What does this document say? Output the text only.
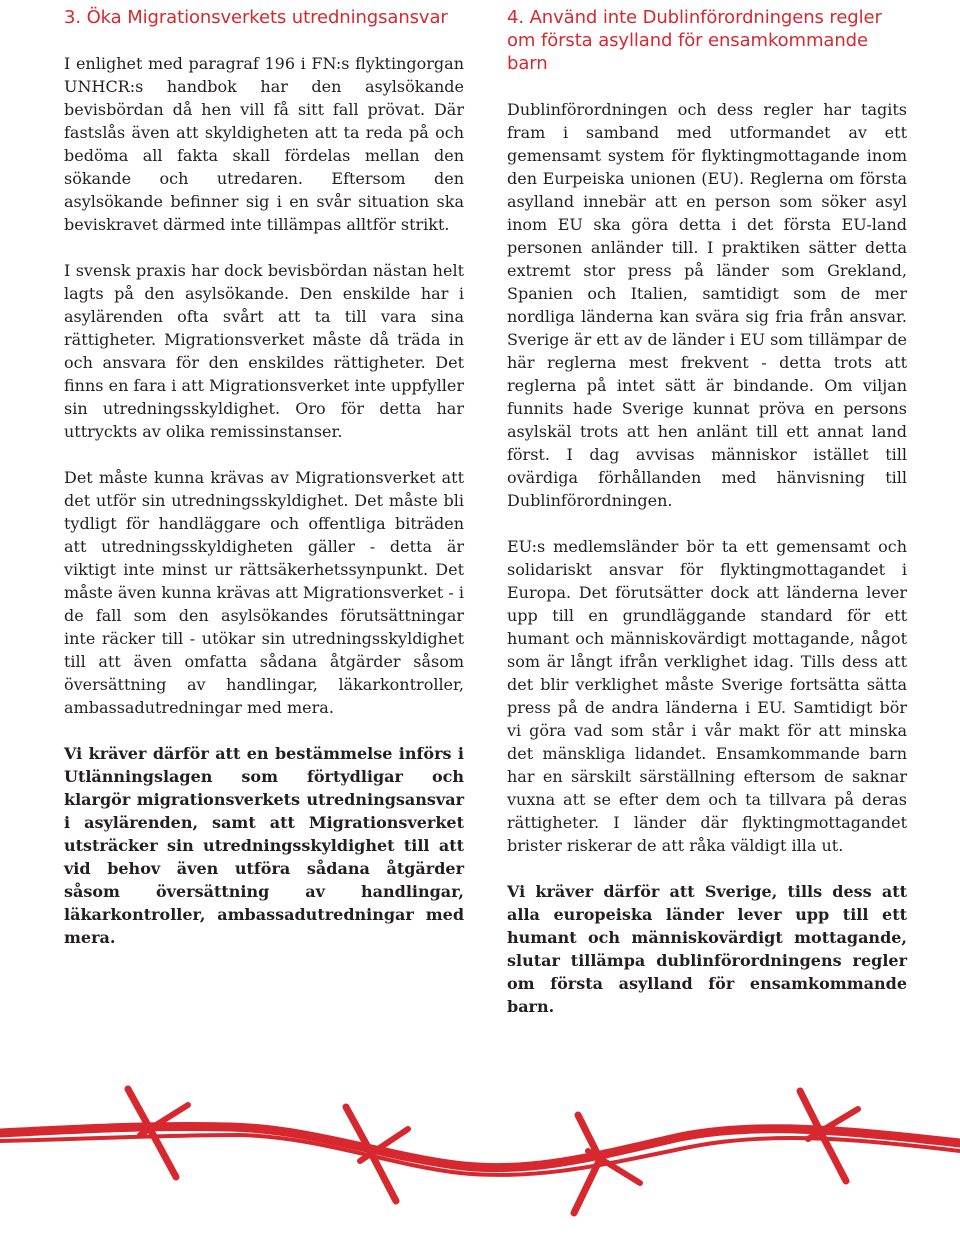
3. Öka Migrationsverkets utredningsansvar

I enlighet med paragraf 196 i FN:s flyktingorgan UNHCR:s handbok har den asylsökande bevisbördan då hen vill få sitt fall prövat. Där fastslås även att skyldigheten att ta reda på och bedöma all fakta skall fördelas mellan den sökande och utredaren. Eftersom den asylsökande befinner sig i en svår situation ska beviskravet därmed inte tillämpas alltför strikt.

I svensk praxis har dock bevisbördan nästan helt lagts på den asylsökande. Den enskilde har i asylärenden ofta svårt att ta till vara sina rättigheter. Migrationsverket måste då träda in och ansvara för den enskildes rättigheter. Det finns en fara i att Migrationsverket inte uppfyller sin utredningsskyldighet. Oro för detta har uttryckts av olika remissinstanser.

Det måste kunna krävas av Migrationsverket att det utför sin utredningsskyldighet. Det måste bli tydligt för handläggare och offentliga biträden att utredningsskyldigheten gäller - detta är viktigt inte minst ur rättsäkerhetssynpunkt. Det måste även kunna krävas att Migrationsverket - i de fall som den asylsökandes förutsättningar inte räcker till - utökar sin utredningsskyldighet till att även omfatta sådana åtgärder såsom översättning av handlingar, läkarkontroller, ambassadutredningar med mera.

Vi kräver därför att en bestämmelse införs i Utlänningslagen som förtydligar och klargör migrationsverkets utredningsansvar i asylärenden, samt att Migrationsverket utsträcker sin utredningsskyldighet till att vid behov även utföra sådana åtgärder såsom översättning av handlingar, läkarkontroller, ambassadutredningar med mera.

4. Använd inte Dublinförordningens regler om första asylland för ensamkommande barn

Dublinförordningen och dess regler har tagits fram i samband med utformandet av ett gemensamt system för flyktingmottagande inom den Eurpeiska unionen (EU). Reglerna om första asylland innebär att en person som söker asyl inom EU ska göra detta i det första EU-land personen anländer till. I praktiken sätter detta extremt stor press på länder som Grekland, Spanien och Italien, samtidigt som de mer nordliga länderna kan svära sig fria från ansvar. Sverige är ett av de länder i EU som tillämpar de här reglerna mest frekvent - detta trots att reglerna på intet sätt är bindande. Om viljan funnits hade Sverige kunnat pröva en persons asylskäl trots att hen anlänt till ett annat land först. I dag avvisas människor istället till ovärdiga förhållanden med hänvisning till Dublinförordningen.

EU:s medlemsländer bör ta ett gemensamt och solidariskt ansvar för flyktingmottagandet i Europa. Det förutsätter dock att länderna lever upp till en grundläggande standard för ett humant och människovärdigt mottagande, något som är långt ifrån verklighet idag. Tills dess att det blir verklighet måste Sverige fortsätta sätta press på de andra länderna i EU. Samtidigt bör vi göra vad som står i vår makt för att minska det mänskliga lidandet. Ensamkommande barn har en särskilt särställning eftersom de saknar vuxna att se efter dem och ta tillvara på deras rättigheter. I länder där flyktingmottagandet brister riskerar de att råka väldigt illa ut.

Vi kräver därför att Sverige, tills dess att alla europeiska länder lever upp till ett humant och människovärdigt mottagande, slutar tillämpa dublinförordningens regler om första asylland för ensamkommande barn.
